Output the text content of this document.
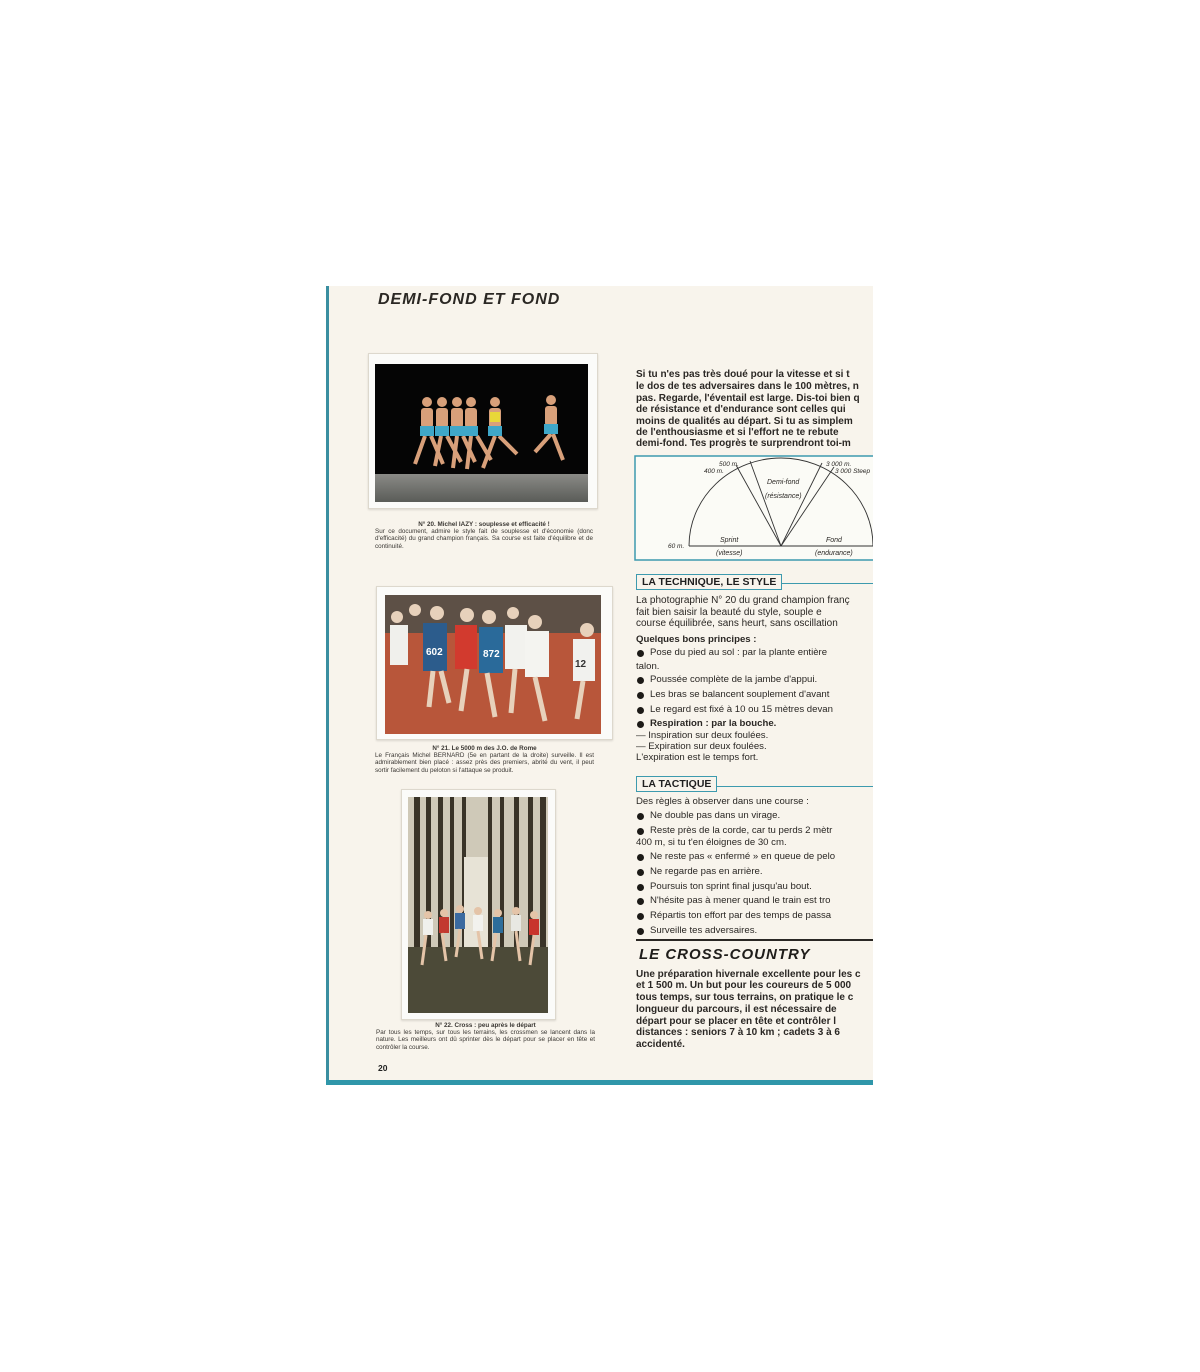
DEMI-FOND ET FOND
N° 20. Michel IAZY : souplesse et efficacité !
Sur ce document, admire le style fait de souplesse et d'économie (donc d'efficacité) du grand champion français. Sa course est faite d'équilibre et de continuité.
602	872
12
N° 21. Le 5000 m des J.O. de Rome
Le Français Michel BERNARD (5e en partant de la droite) surveille. Il est admirablement bien placé : assez près des premiers, abrité du vent, il peut sortir facilement du peloton si l'attaque se produit.
N° 22. Cross : peu après le départ
Par tous les temps, sur tous les terrains, les crossmen se lancent dans la nature. Les meilleurs ont dû sprinter dès le départ pour se placer en tête et contrôler la course.
20
Si tu n'es pas très doué pour la vitesse et si t
le dos de tes adversaires dans le 100 mètres, n
pas. Regarde, l'éventail est large. Dis-toi bien q
de résistance et d'endurance sont celles qui
moins de qualités au départ. Si tu as simplem
de l'enthousiasme et si l'effort ne te rebute
demi-fond. Tes progrès te surprendront toi-m
500 m.
400 m.
3 000 m.
3 000 Steep
60 m.
Demi-fond
(résistance)
Sprint
(vitesse)
Fond
(endurance)
LA TECHNIQUE, LE STYLE
La photographie N° 20 du grand champion franç
fait bien saisir la beauté du style, souple e
course équilibrée, sans heurt, sans oscillation
Quelques bons principes :
Pose du pied au sol : par la plante entière
talon.
Poussée complète de la jambe d'appui.
Les bras se balancent souplement d'avant
Le regard est fixé à 10 ou 15 mètres devan
Respiration : par la bouche.
— Inspiration sur deux foulées.
— Expiration sur deux foulées.
L'expiration est le temps fort.
LA TACTIQUE
Des règles à observer dans une course :
Ne double pas dans un virage.
Reste près de la corde, car tu perds 2 mètr
400 m, si tu t'en éloignes de 30 cm.
Ne reste pas « enfermé » en queue de pelo
Ne regarde pas en arrière.
Poursuis ton sprint final jusqu'au bout.
N'hésite pas à mener quand le train est tro
Répartis ton effort par des temps de passa
Surveille tes adversaires.
LE CROSS-COUNTRY
Une préparation hivernale excellente pour les c
et 1 500 m. Un but pour les coureurs de 5 000
tous temps, sur tous terrains, on pratique le c
longueur du parcours, il est nécessaire de
départ pour se placer en tête et contrôler l
distances : seniors 7 à 10 km ; cadets 3 à 6
accidenté.
